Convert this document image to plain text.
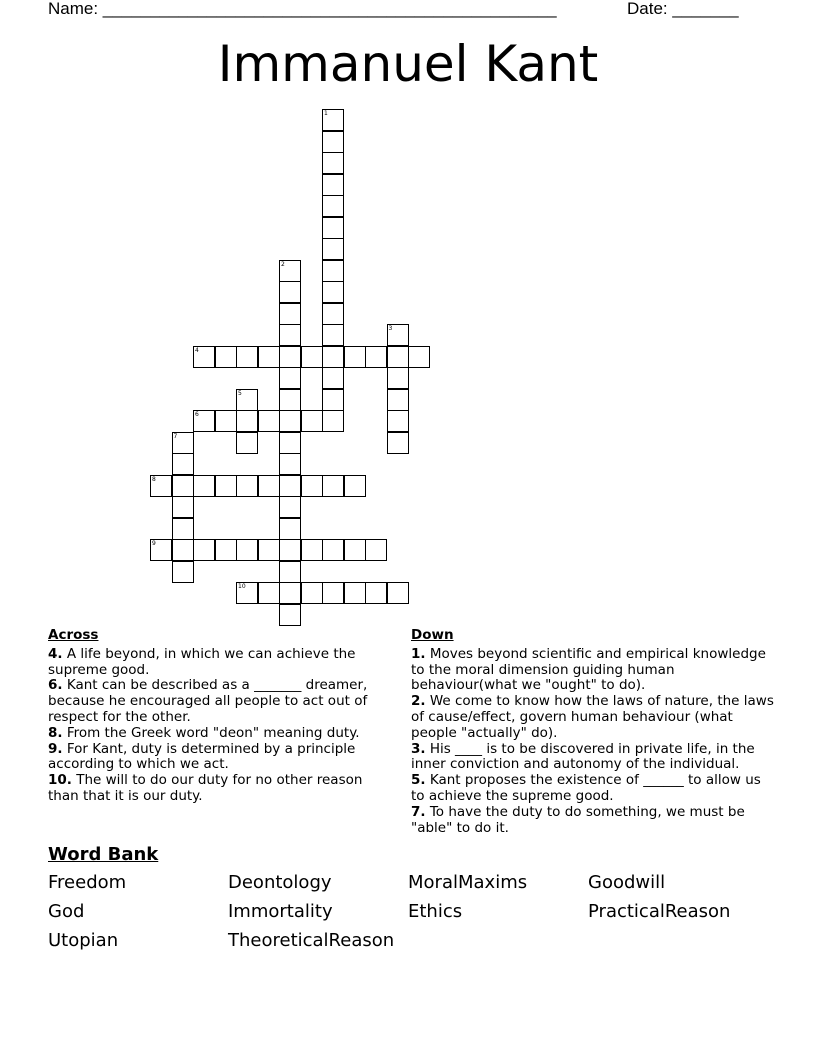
Name: ________________________________________________	Date: _______
Immanuel Kant
1
2
3
4
5
6
7
8
9
10
Across

4. A life beyond, in which we can achieve the supreme good.

6. Kant can be described as a _______ dreamer, because he encouraged all people to act out of respect for the other.

8. From the Greek word "deon" meaning duty.

9. For Kant, duty is determined by a principle according to which we act.

10. The will to do our duty for no other reason than that it is our duty.

Down

1. Moves beyond scientific and empirical knowledge to the moral dimension guiding human behaviour(what we "ought" to do).

2. We come to know how the laws of nature, the laws of cause/effect, govern human behaviour (what people "actually" do).

3. His ____ is to be discovered in private life, in the inner conviction and autonomy of the individual.

5. Kant proposes the existence of ______ to allow us to achieve the supreme good.

7. To have the duty to do something, we must be "able" to do it.

Word Bank
Freedom	Deontology	MoralMaxims	Goodwill
God	Immortality	Ethics	PracticalReason
Utopian	TheoreticalReason
